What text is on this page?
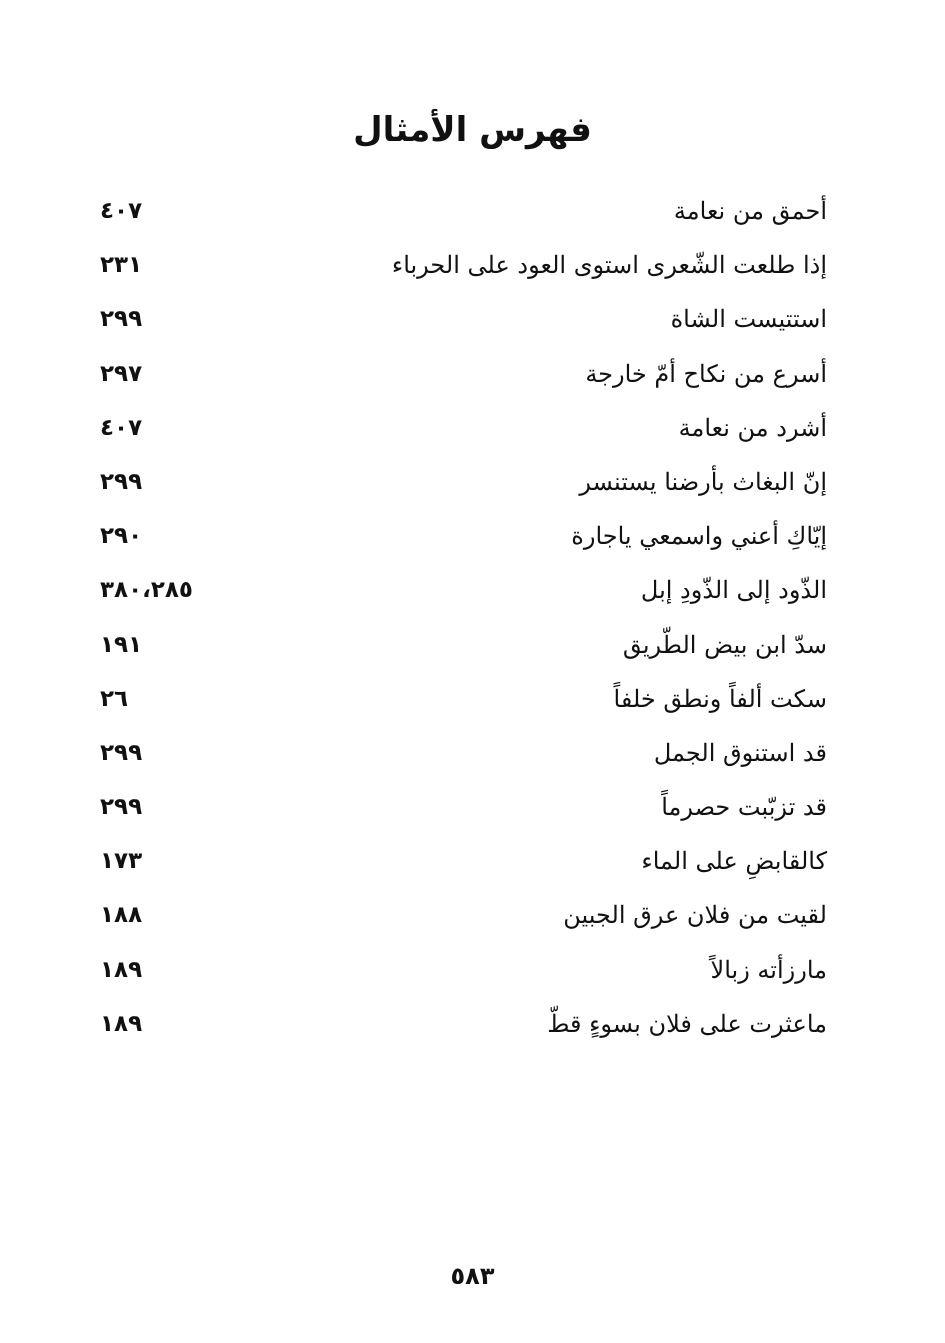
فهرس الأمثال
أحمق من نعامة
٤٠٧
إذا طلعت الشّعرى استوى العود على الحرباء
٢٣١
استتيست الشاة
٢٩٩
أسرع من نكاح أمّ خارجة
٢٩٧
أشرد من نعامة
٤٠٧
إنّ البغاث بأرضنا يستنسر
٢٩٩
إيّاكِ أعني واسمعي ياجارة
٢٩٠
الذّود إلى الذّودِ إبل
٣٨٠،٢٨٥
سدّ ابن بيض الطّريق
١٩١
سكت ألفاً ونطق خلفاً
٢٦
قد استنوق الجمل
٢٩٩
قد تزبّبت حصرماً
٢٩٩
كالقابضِ على الماء
١٧٣
لقيت من فلان عرق الجبين
١٨٨
مارزأته زبالاً
١٨٩
ماعثرت على فلان بسوءٍ قطّ
١٨٩

٥٨٣
